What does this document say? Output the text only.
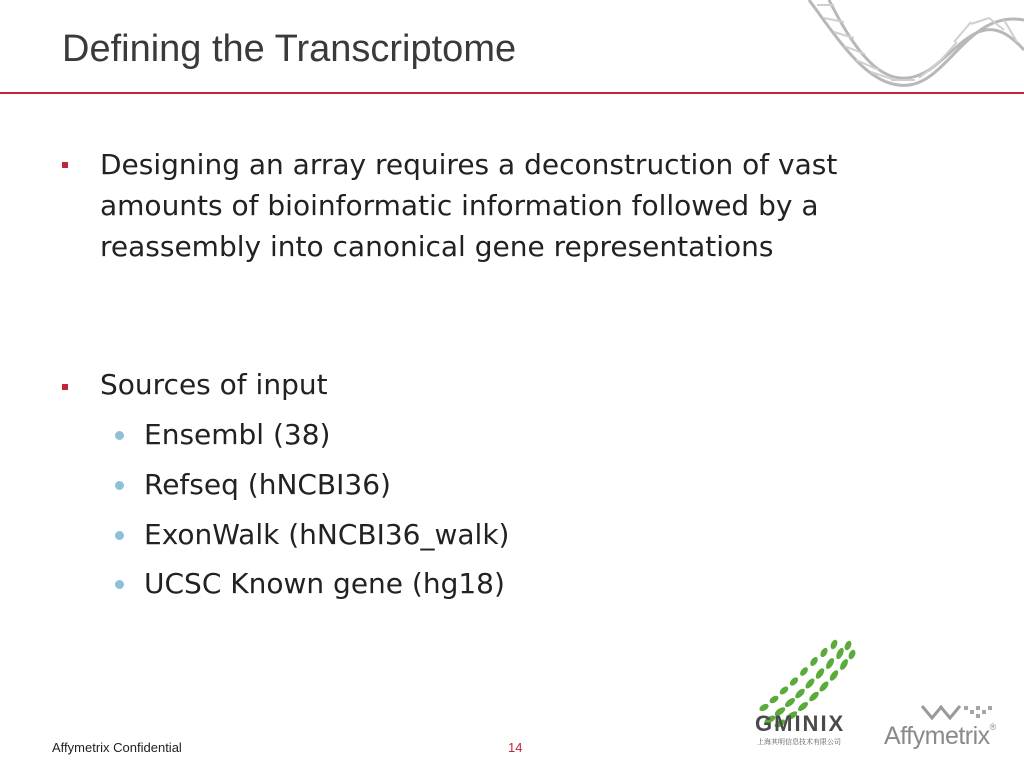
Defining the Transcriptome
Designing an array requires a deconstruction of vast amounts of bioinformatic information followed by a reassembly into canonical gene representations
Sources of input
Ensembl (38)
Refseq (hNCBI36)
ExonWalk (hNCBI36_walk)
UCSC Known gene (hg18)
GMINIX
上海其明信息技术有限公司 Affymetrix®
Affymetrix Confidential	14
